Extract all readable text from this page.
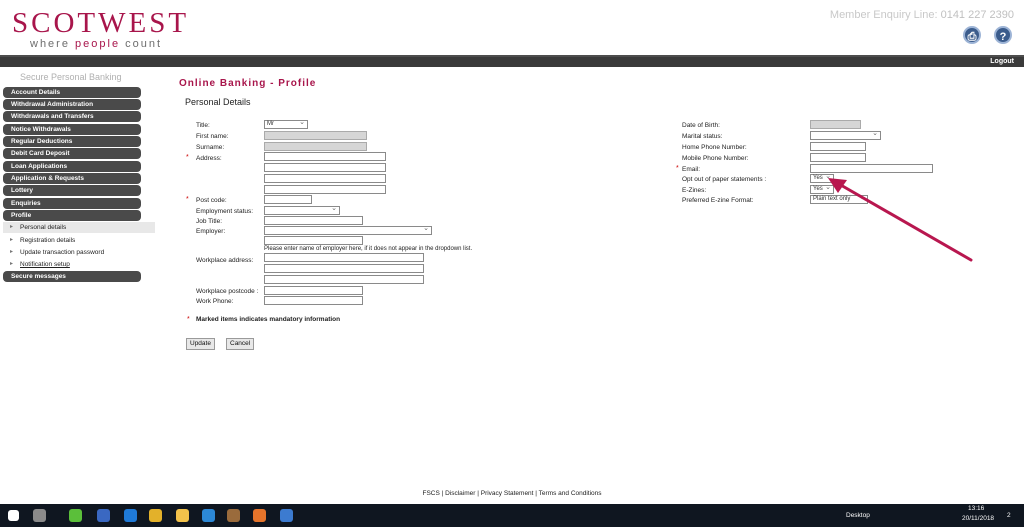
SCOTWEST
where people count
Member Enquiry Line: 0141 227 2390
⎙	?
Logout
Secure Personal Banking
Account Details
Withdrawal Administration
Withdrawals and Transfers
Notice Withdrawals
Regular Deductions
Debit Card Deposit
Loan Applications
Application & Requests
Lottery
Enquiries
Profile
▸ Personal details
▸ Registration details
▸ Update transaction password
▸ Notification setup
Secure messages
Online Banking - Profile
Personal Details
Title:	Mr ⌄
First name:
Surname:
* Address:
* Post code:
Employment status:
⌄
Job Title:
Employer:
⌄
Please enter name of employer here, if it does not appear in the dropdown list.
Workplace address:
Workplace postcode :
Work Phone:
* Marked items indicates mandatory information
Update	Cancel
Date of Birth:
Marital status:
⌄
Home Phone Number:
Mobile Phone Number:
* Email:
Opt out of paper statements :	Yes ⌄
E-Zines:	Yes ⌄
Preferred E-zine Format:	Plain text only ⌄
FSCS | Disclaimer | Privacy Statement | Terms and Conditions
Desktop
13:16
20/11/2018 2
